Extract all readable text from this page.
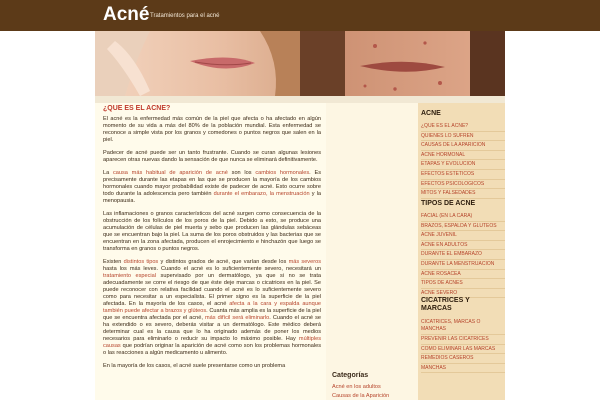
Acné Tratamientos para el acné
¿QUE ES EL ACNE?

El acné es la enfermedad más común de la piel que afecta o ha afectado en algún momento de su vida a más del 80% de la población mundial. Esta enfermedad se reconoce a simple vista por los granos y comedones o puntos negros que salen en la piel.

Padecer de acné puede ser un tanto frustrante. Cuando se curan algunas lesiones aparecen otras nuevas dando la sensación de que nunca se eliminará definitivamente.

La causa más habitual de aparición de acné son los cambios hormonales. Es precisamente durante las etapas en las que se producen la mayoría de los cambios hormonales cuando mayor probabilidad existe de padecer de acné. Esto ocurre sobre todo durante la adolescencia pero también durante el embarazo, la menstruación y la menopausia.

Las inflamaciones o granos característicos del acné surgen como consecuencia de la obstrucción de los folículos de los poros de la piel. Debido a esto, se produce una acumulación de células de piel muerta y sebo que producen las glándulas sebáceas que se encuentran bajo la piel. La suma de los poros obstruidos y las bacterias que se encuentran en la zona afectada, producen el enrojecimiento e hinchazón que luego se transforma en granos o puntos negros.

Existen distintos tipos y distintos grados de acné, que varían desde los más severos hasta los más leves. Cuando el acné es lo suficientemente severo, necesitará un tratamiento especial supervisado por un dermatólogo, ya que si no se trata adecuadamente se corre el riesgo de que éste deje marcas o cicatrices en la piel. Se puede reconocer con relativa facilidad cuando el acné es lo suficientemente severo como para necesitar a un especialista. El primer signo es la superficie de la piel afectada. En la mayoría de los casos, el acné afecta a la cara y espalda aunque también puede afectar a brazos y glúteos. Cuanta más amplia es la superficie de la piel que se encuentra afectada por el acné, más difícil será eliminarlo. Cuando el acné se ha extendido o es severo, deberás visitar a un dermatólogo. Este médico deberá determinar cual es la causa que lo ha originado además de poner los medios necesarios para eliminarlo o reducir su impacto lo máximo posible. Hay múltiples causas que podrían originar la aparición de acné como son los problemas hormonales o las reacciones a algún medicamento u alimento.

En la mayoría de los casos, el acné suele presentarse como un problema

Categorías
Acné en los adultos
Causas de la Aparición
ACNE
¿QUE ES EL ACNE?
QUIENES LO SUFREN
CAUSAS DE LA APARICION
ACNE HORMONAL
ETAPAS Y EVOLUCION
EFECTOS ESTETICOS
EFECTOS PSICOLOGICOS
MITOS Y FALSEDADES
TIPOS DE ACNE
FACIAL (EN LA CARA)
BRAZOS, ESPALDA Y GLUTEOS
ACNE JUVENIL
ACNE EN ADULTOS
DURANTE EL EMBARAZO
DURANTE LA MENSTRUACION
ACNE ROSACEA
TIPOS DE ACNES
ACNE SEVERO
CICATRICES Y MARCAS
CICATRICES, MARCAS O MANCHAS
PREVENIR LAS CICATRICES
COMO ELIMINAR LAS MARCAS
REMEDIOS CASEROS
MANCHAS
